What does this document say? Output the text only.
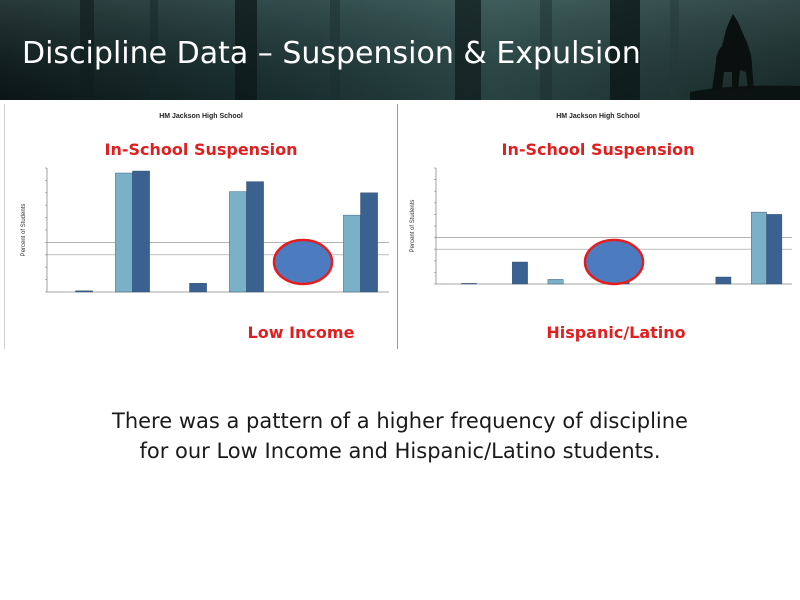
Discipline Data – Suspension & Expulsion
HM Jackson High School
In-School Suspension
Percent of Students
Low Income
HM Jackson High School
In-School Suspension
Percent of Students
Hispanic/Latino
There was a pattern of a higher frequency of discipline
for our Low Income and Hispanic/Latino students.
